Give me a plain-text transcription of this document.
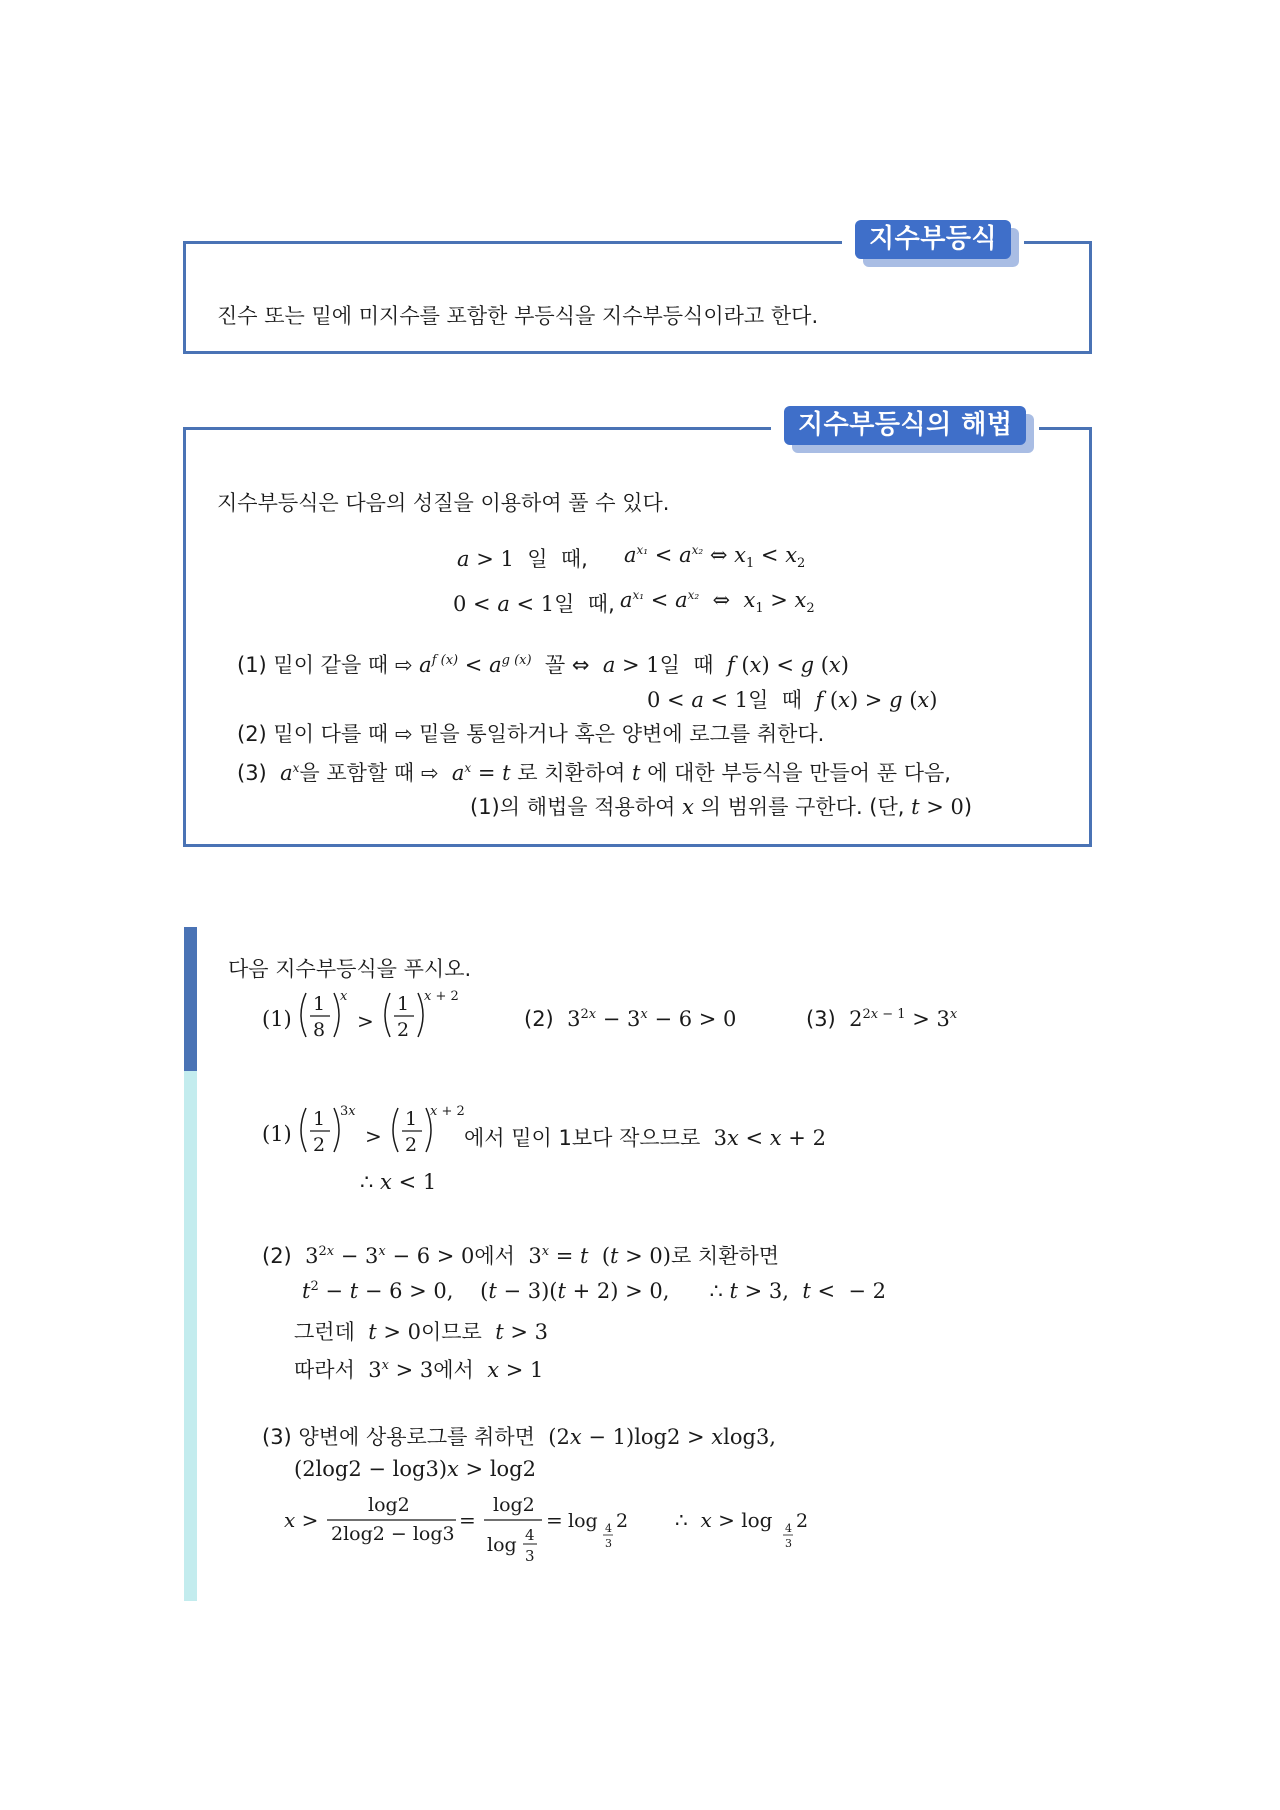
지수부등식
진수 또는 밑에 미지수를 포함한 부등식을 지수부등식이라고 한다.
지수부등식의 해법
지수부등식은 다음의 성질을 이용하여 풀 수 있다.
a > 1  일  때, $a^{x_1} < a^{x_2}$ ⇔ $x_1 < x_2$
0 < a < 1일  때, $a^{x_1} < a^{x_2}$  ⇔  $x_1 > x_2$
(1) 밑이 같을 때 ⇨ $a^{f (x)} < a^{g (x)}$ 꼴 ⇔ a > 1일  때  f (x) < g (x)
0 < a < 1일  때  f (x) > g (x)
(2) 밑이 다를 때 ⇨ 밑을 통일하거나 혹은 양변에 로그를 취한다.
(3) $a^x$을 포함할 때 ⇨ $a^x = t$ 로 치환하여 t 에 대한 부등식을 만들어 푼 다음,
(1)의 해법을 적용하여 x 의 범위를 구한다. (단, t > 0)
다음 지수부등식을 푸시오.
(2) $3^{2x} - 3^x - 6 > 0$	(3) $2^{2x - 1} > 3^x$
에서 밑이 1보다 작으므로 3x < x + 2
∴ x < 1
(2) $3^{2x} - 3^x - 6 > 0$에서 $3^x = t$ (t > 0)로 치환하면
$t^2 - t - 6 > 0$,    (t − 3)(t + 2) > 0,      ∴ t > 3,  t <  − 2
그런데 t > 0이므로 t > 3
따라서 $3^x > 3$에서 x > 1
(3) 양변에 상용로그를 취하면 (2x − 1)log2 > xlog3,
(2log2 − log3)x > log2
(1)
1
8
x
>
1
2
x + 2
(1)
1
2
3x
>
1
2
x + 2
x >
log2
2log2 − log3
=
log2
log 4
3
= log 4
3
2 ∴  x > log 4
3
2
